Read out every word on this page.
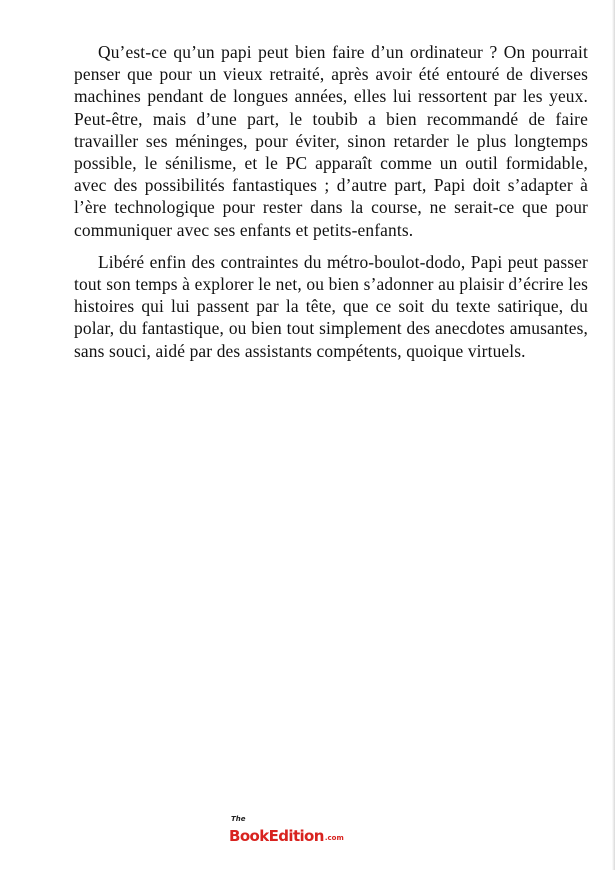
Qu’est-ce qu’un papi peut bien faire d’un ordinateur ? On pourrait penser que pour un vieux retraité, après avoir été entouré de diverses machines pendant de longues années, elles lui ressortent par les yeux. Peut-être, mais d’une part, le toubib a bien recommandé de faire travailler ses méninges, pour éviter, sinon retarder le plus longtemps possible, le sénilisme, et le PC apparaît comme un outil formidable, avec des possibilités fantastiques ; d’autre part, Papi doit s’adapter à l’ère technologique pour rester dans la course, ne serait-ce que pour communiquer avec ses enfants et petits-enfants.

Libéré enfin des contraintes du métro-boulot-dodo, Papi peut passer tout son temps à explorer le net, ou bien s’adonner au plaisir d’écrire les histoires qui lui passent par la tête, que ce soit du texte satirique, du polar, du fantastique, ou bien tout simplement des anecdotes amusantes, sans souci, aidé par des assistants compétents, quoique virtuels.

The
BookEdition .com
